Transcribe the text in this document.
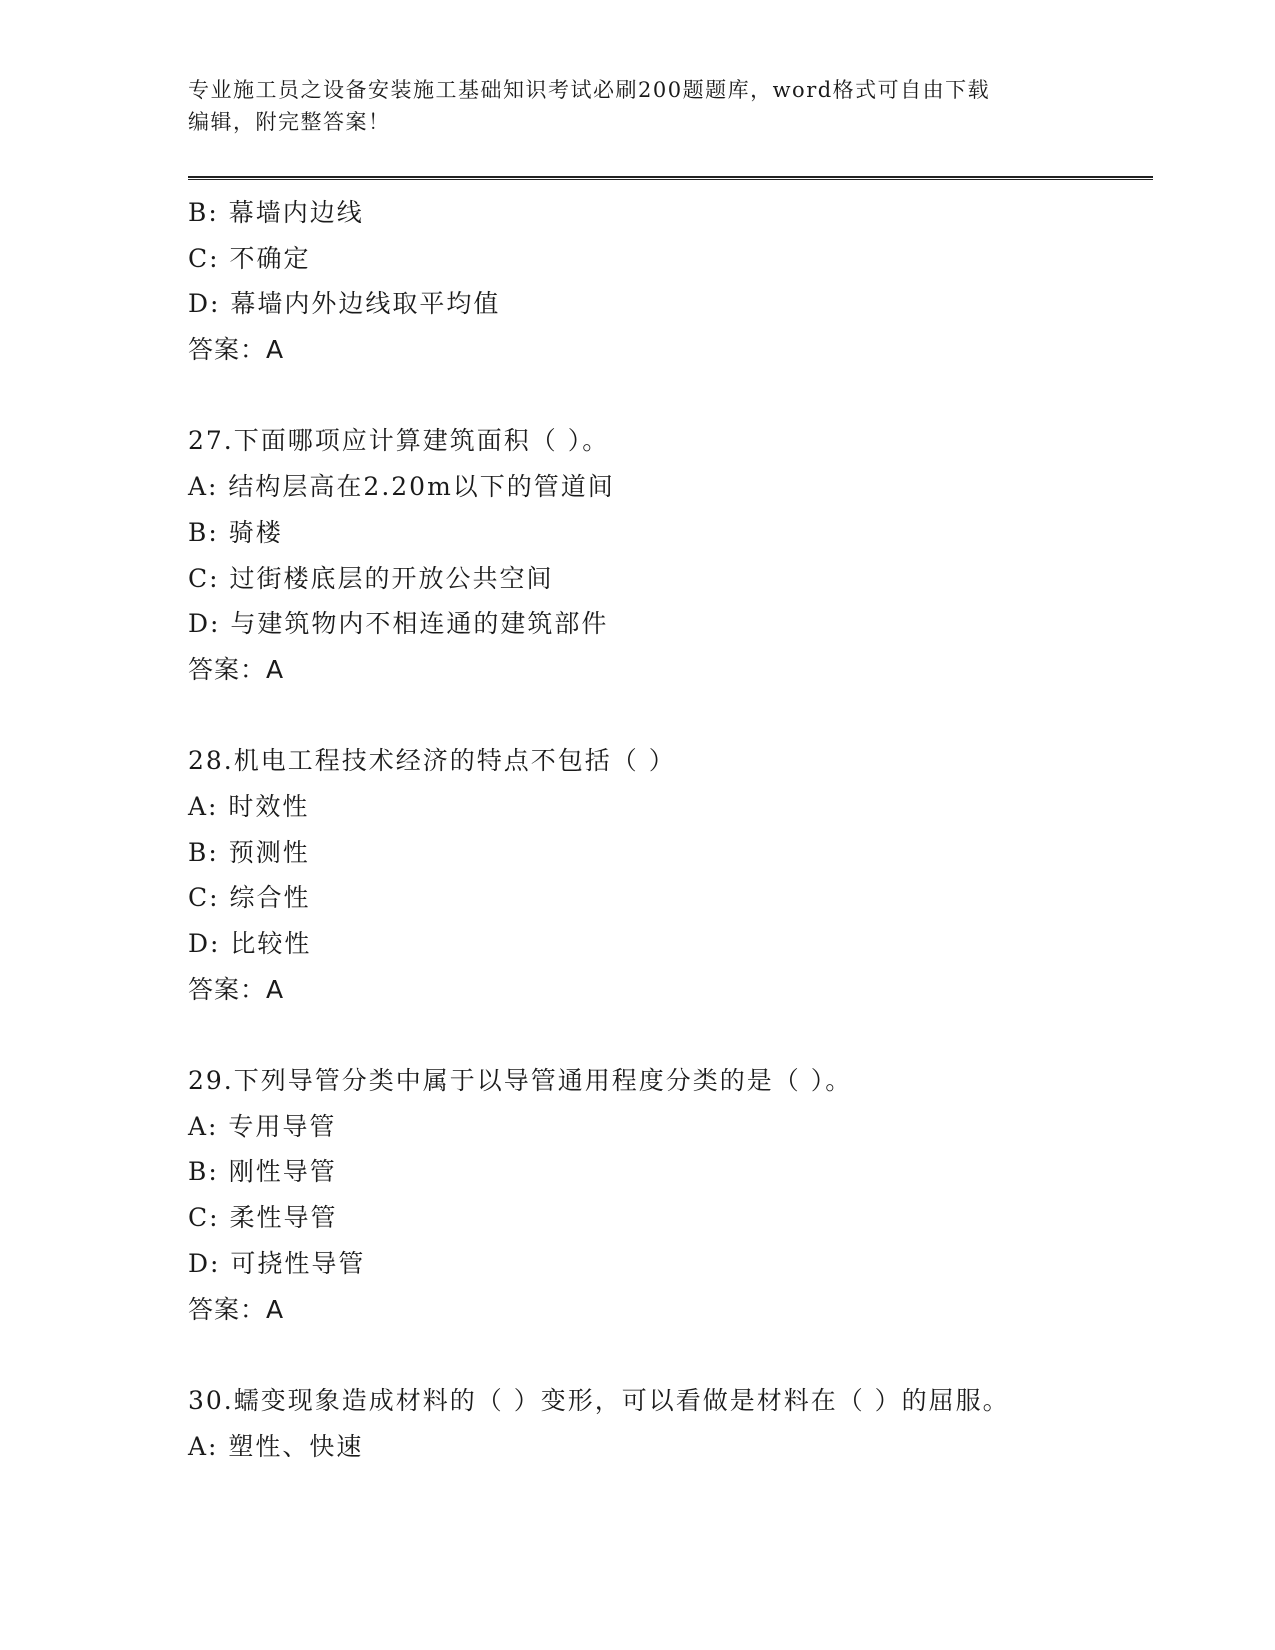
专业施工员之设备安装施工基础知识考试必刷200题题库，word格式可自由下载
编辑，附完整答案！
B: 幕墙内边线
C: 不确定
D: 幕墙内外边线取平均值
答案：A
27.下面哪项应计算建筑面积（ ）。
A: 结构层高在2.20m以下的管道间
B: 骑楼
C: 过街楼底层的开放公共空间
D: 与建筑物内不相连通的建筑部件
答案：A
28.机电工程技术经济的特点不包括（ ）
A: 时效性
B: 预测性
C: 综合性
D: 比较性
答案：A
29.下列导管分类中属于以导管通用程度分类的是（ ）。
A: 专用导管
B: 刚性导管
C: 柔性导管
D: 可挠性导管
答案：A
30.蠕变现象造成材料的（ ）变形，可以看做是材料在（ ）的屈服。
A: 塑性、快速
